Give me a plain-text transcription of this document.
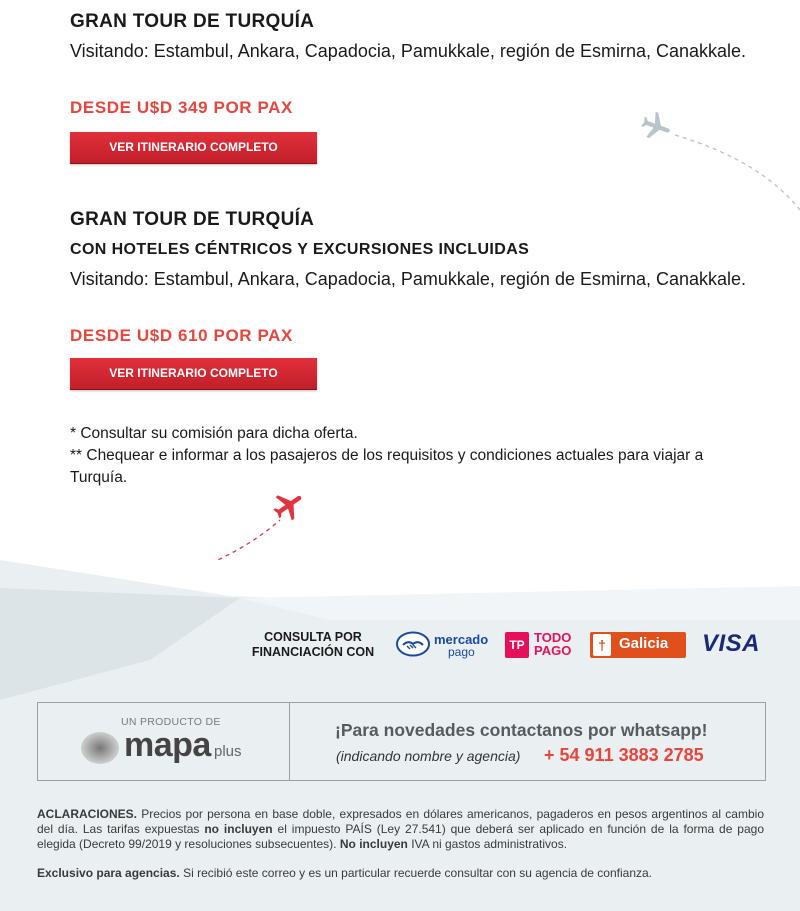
GRAN TOUR DE TURQUÍA
Visitando: Estambul, Ankara, Capadocia, Pamukkale, región de Esmirna, Canakkale.
DESDE U$D 349 POR PAX
VER ITINERARIO COMPLETO
GRAN TOUR DE TURQUÍA
CON HOTELES CÉNTRICOS Y EXCURSIONES INCLUIDAS
Visitando: Estambul, Ankara, Capadocia, Pamukkale, región de Esmirna, Canakkale.
DESDE U$D 610 POR PAX
VER ITINERARIO COMPLETO
* Consultar su comisión para dicha oferta.
** Chequear e informar a los pasajeros de los requisitos y condiciones actuales para viajar a Turquía.
CONSULTA POR
FINANCIACIÓN CON
mercado
pago	TP TODO
PAGO	† Galicia VISA
UN PRODUCTO DE
mapa plus
¡Para novedades contactanos por whatsapp!
(indicando nombre y agencia) + 54 911 3883 2785
ACLARACIONES. Precios por persona en base doble, expresados en dólares americanos, pagaderos en pesos argentinos al cambio del día. Las tarifas expuestas no incluyen el impuesto PAÍS (Ley 27.541) que deberá ser aplicado en función de la forma de pago elegida (Decreto 99/2019 y resoluciones subsecuentes). No incluyen IVA ni gastos administrativos.
Exclusivo para agencias. Si recibió este correo y es un particular recuerde consultar con su agencia de confianza.
